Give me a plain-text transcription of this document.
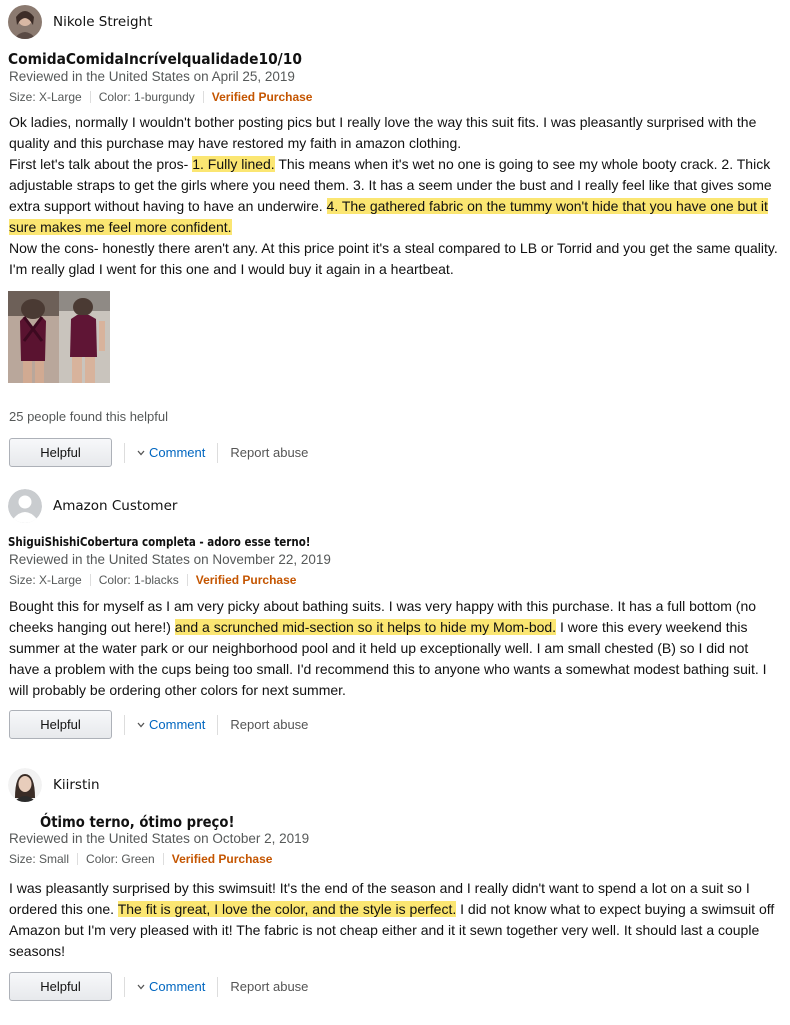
Nikole Streight
ComidaComidaIncrívelqualidade10/10
Reviewed in the United States on April 25, 2019
Size: X-Large Color: 1-burgundy Verified Purchase
Ok ladies, normally I wouldn't bother posting pics but I really love the way this suit fits. I was pleasantly surprised with the quality and this purchase may have restored my faith in amazon clothing.
First let's talk about the pros- 1. Fully lined. This means when it's wet no one is going to see my whole booty crack. 2. Thick adjustable straps to get the girls where you need them. 3. It has a seem under the bust and I really feel like that gives some extra support without having to have an underwire. 4. The gathered fabric on the tummy won't hide that you have one but it sure makes me feel more confident.
Now the cons- honestly there aren't any. At this price point it's a steal compared to LB or Torrid and you get the same quality. I'm really glad I went for this one and I would buy it again in a heartbeat.
25 people found this helpful
Helpful	Comment Report abuse
Amazon Customer
ShiguiShishiCobertura completa - adoro esse terno!
Reviewed in the United States on November 22, 2019
Size: X-Large Color: 1-blacks Verified Purchase
Bought this for myself as I am very picky about bathing suits. I was very happy with this purchase. It has a full bottom (no cheeks hanging out here!) and a scrunched mid-section so it helps to hide my Mom-bod. I wore this every weekend this summer at the water park or our neighborhood pool and it held up exceptionally well. I am small chested (B) so I did not have a problem with the cups being too small. I'd recommend this to anyone who wants a somewhat modest bathing suit. I will probably be ordering other colors for next summer.
Helpful	Comment Report abuse
Kiirstin
Ótimo terno, ótimo preço!
Reviewed in the United States on October 2, 2019
Size: Small Color: Green Verified Purchase
I was pleasantly surprised by this swimsuit! It's the end of the season and I really didn't want to spend a lot on a suit so I ordered this one. The fit is great, I love the color, and the style is perfect. I did not know what to expect buying a swimsuit off Amazon but I'm very pleased with it! The fabric is not cheap either and it it sewn together very well. It should last a couple seasons!
Helpful	Comment Report abuse
